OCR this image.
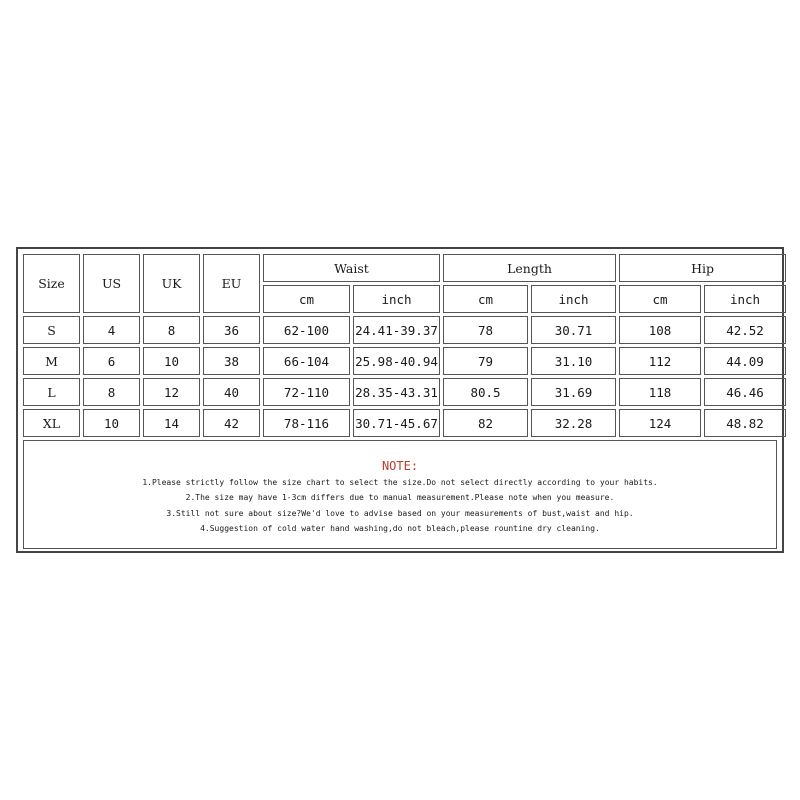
Size	US	UK	EU	Waist		Length		Hip	
				cm	inch	cm	inch	cm	inch
S	4	8	36	62-100	24.41-39.37	78	30.71	108	42.52
M	6	10	38	66-104	25.98-40.94	79	31.10	112	44.09
L	8	12	40	72-110	28.35-43.31	80.5	31.69	118	46.46
XL	10	14	42	78-116	30.71-45.67	82	32.28	124	48.82
NOTE:
1.Please strictly follow the size chart to select the size.Do not select directly according to your habits.
2.The size may have 1-3cm differs due to manual measurement.Please note when you measure.
3.Still not sure about size?We'd love to advise based on your measurements of bust,waist and hip.
4.Suggestion of cold water hand washing,do not bleach,please rountine dry cleaning.
